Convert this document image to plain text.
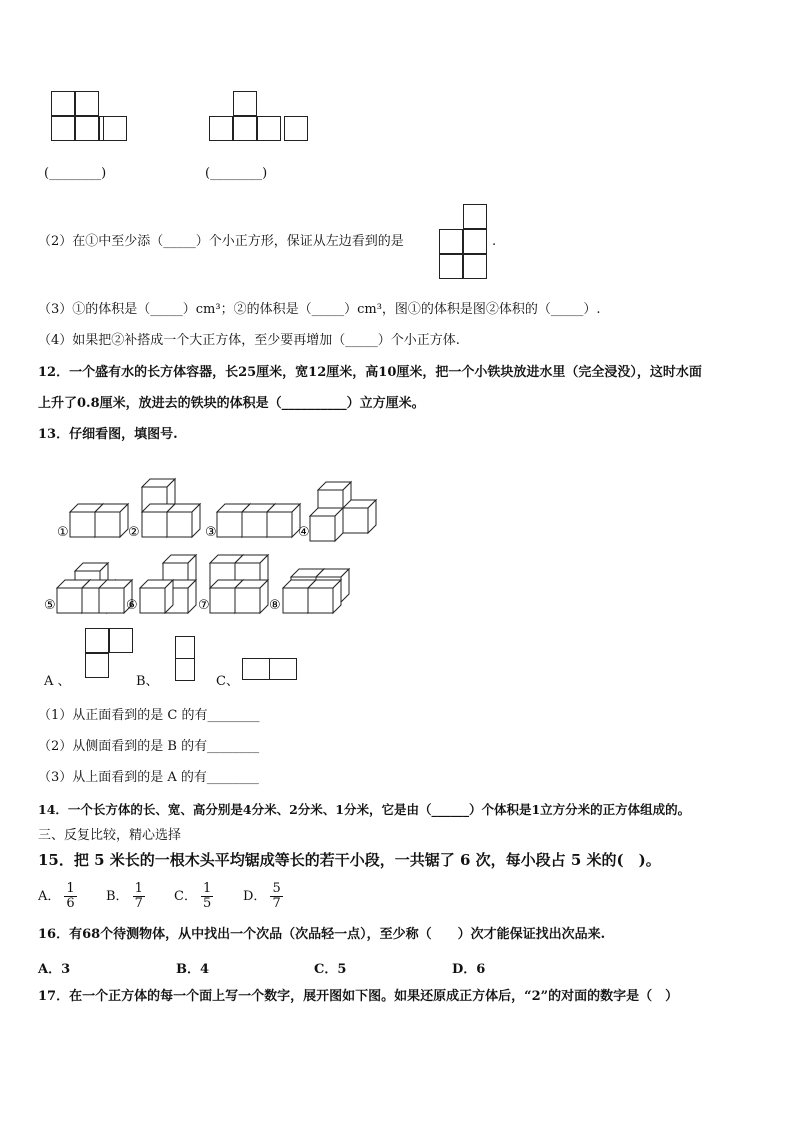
(________)	(________)
（2）在①中至少添（_____）个小正方形，保证从左边看到的是	.
（3）①的体积是（_____）cm³；②的体积是（_____）cm³，图①的体积是图②体积的（_____）.
（4）如果把②补搭成一个大正方体，至少要再增加（_____）个小正方体.
12．一个盛有水的长方体容器，长25厘米，宽12厘米，高10厘米，把一个小铁块放进水里（完全浸没），这时水面
上升了0.8厘米，放进去的铁块的体积是（__________）立方厘米。
13．仔细看图，填图号.
①	②	③	④
⑤	⑥	⑦	⑧
A 、	B、	C、
（1）从正面看到的是 C 的有________
（2）从侧面看到的是 B 的有________
（3）从上面看到的是 A 的有________
14．一个长方体的长、宽、高分别是4分米、2分米、1分米，它是由（______）个体积是1立方分米的正方体组成的。
三、反复比较，精心选择
15．把 5 米长的一根木头平均锯成等长的若干小段，一共锯了 6 次，每小段占 5 米的(　)。
A． $\frac{1}{6}$ B． $\frac{1}{7}$ C． $\frac{1}{5}$ D． $\frac{5}{7}$
16．有68个待测物体，从中找出一个次品（次品轻一点），至少称（　　）次才能保证找出次品来.
A．3	B．4	C．5	D．6
17．在一个正方体的每一个面上写一个数字，展开图如下图。如果还原成正方体后，“2”的对面的数字是（　）
